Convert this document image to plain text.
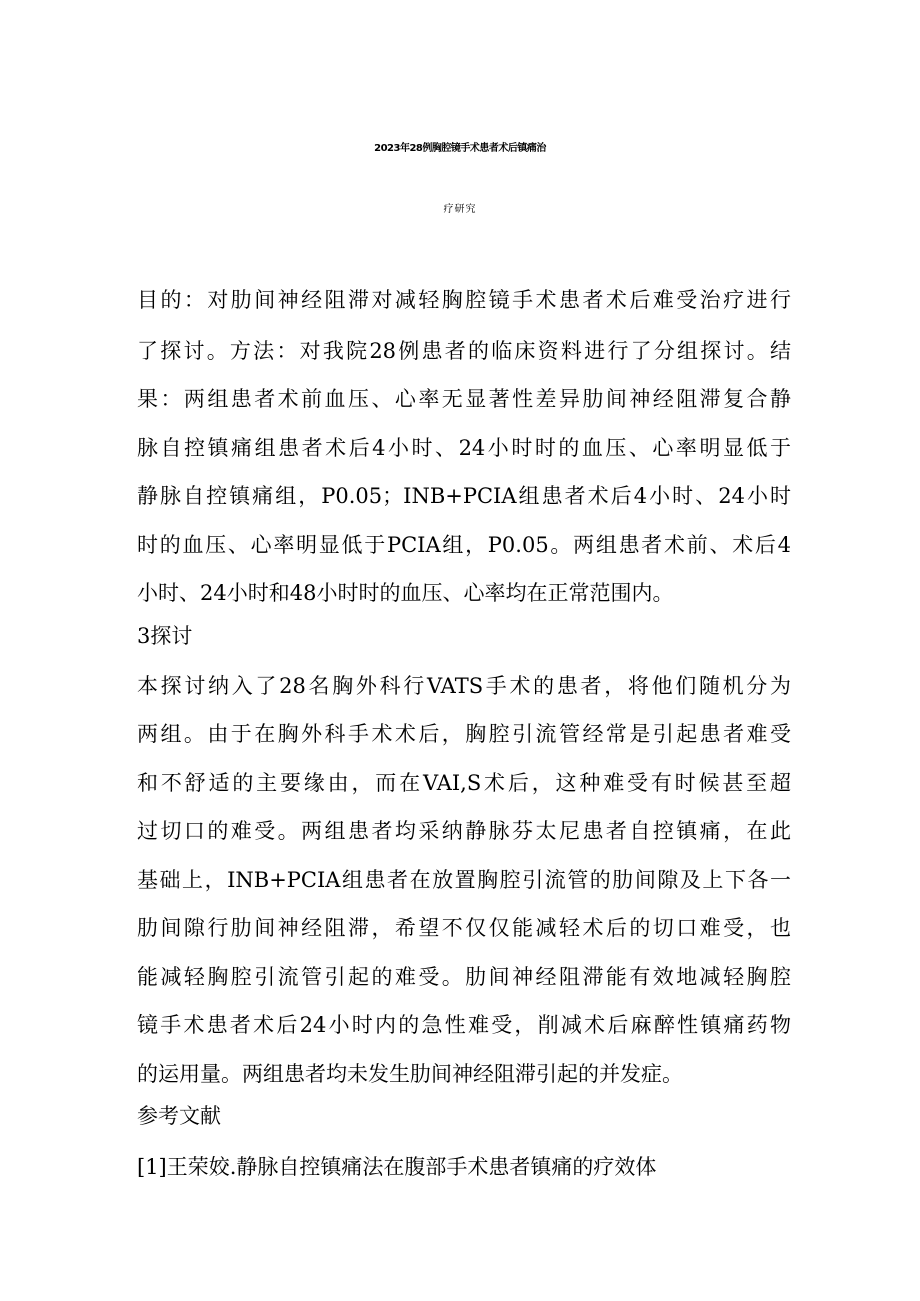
2023年28例胸腔镜手术患者术后镇痛治
疗研究
目的：对肋间神经阻滞对减轻胸腔镜手术患者术后难受治疗进行
了探讨。方法：对我院28例患者的临床资料进行了分组探讨。结
果：两组患者术前血压、心率无显著性差异肋间神经阻滞复合静
脉自控镇痛组患者术后4小时、24小时时的血压、心率明显低于
静脉自控镇痛组，P0.05；INB+PCIA组患者术后4小时、24小时
时的血压、心率明显低于PCIA组，P0.05。两组患者术前、术后4
小时、24小时和48小时时的血压、心率均在正常范围内。
3探讨
本探讨纳入了28名胸外科行VATS手术的患者，将他们随机分为
两组。由于在胸外科手术术后，胸腔引流管经常是引起患者难受
和不舒适的主要缘由，而在VAI,S术后，这种难受有时候甚至超
过切口的难受。两组患者均采纳静脉芬太尼患者自控镇痛，在此
基础上，INB+PCIA组患者在放置胸腔引流管的肋间隙及上下各一
肋间隙行肋间神经阻滞，希望不仅仅能减轻术后的切口难受，也
能减轻胸腔引流管引起的难受。肋间神经阻滞能有效地减轻胸腔
镜手术患者术后24小时内的急性难受，削减术后麻醉性镇痛药物
的运用量。两组患者均未发生肋间神经阻滞引起的并发症。
参考文献
[1]王荣姣.静脉自控镇痛法在腹部手术患者镇痛的疗效体
